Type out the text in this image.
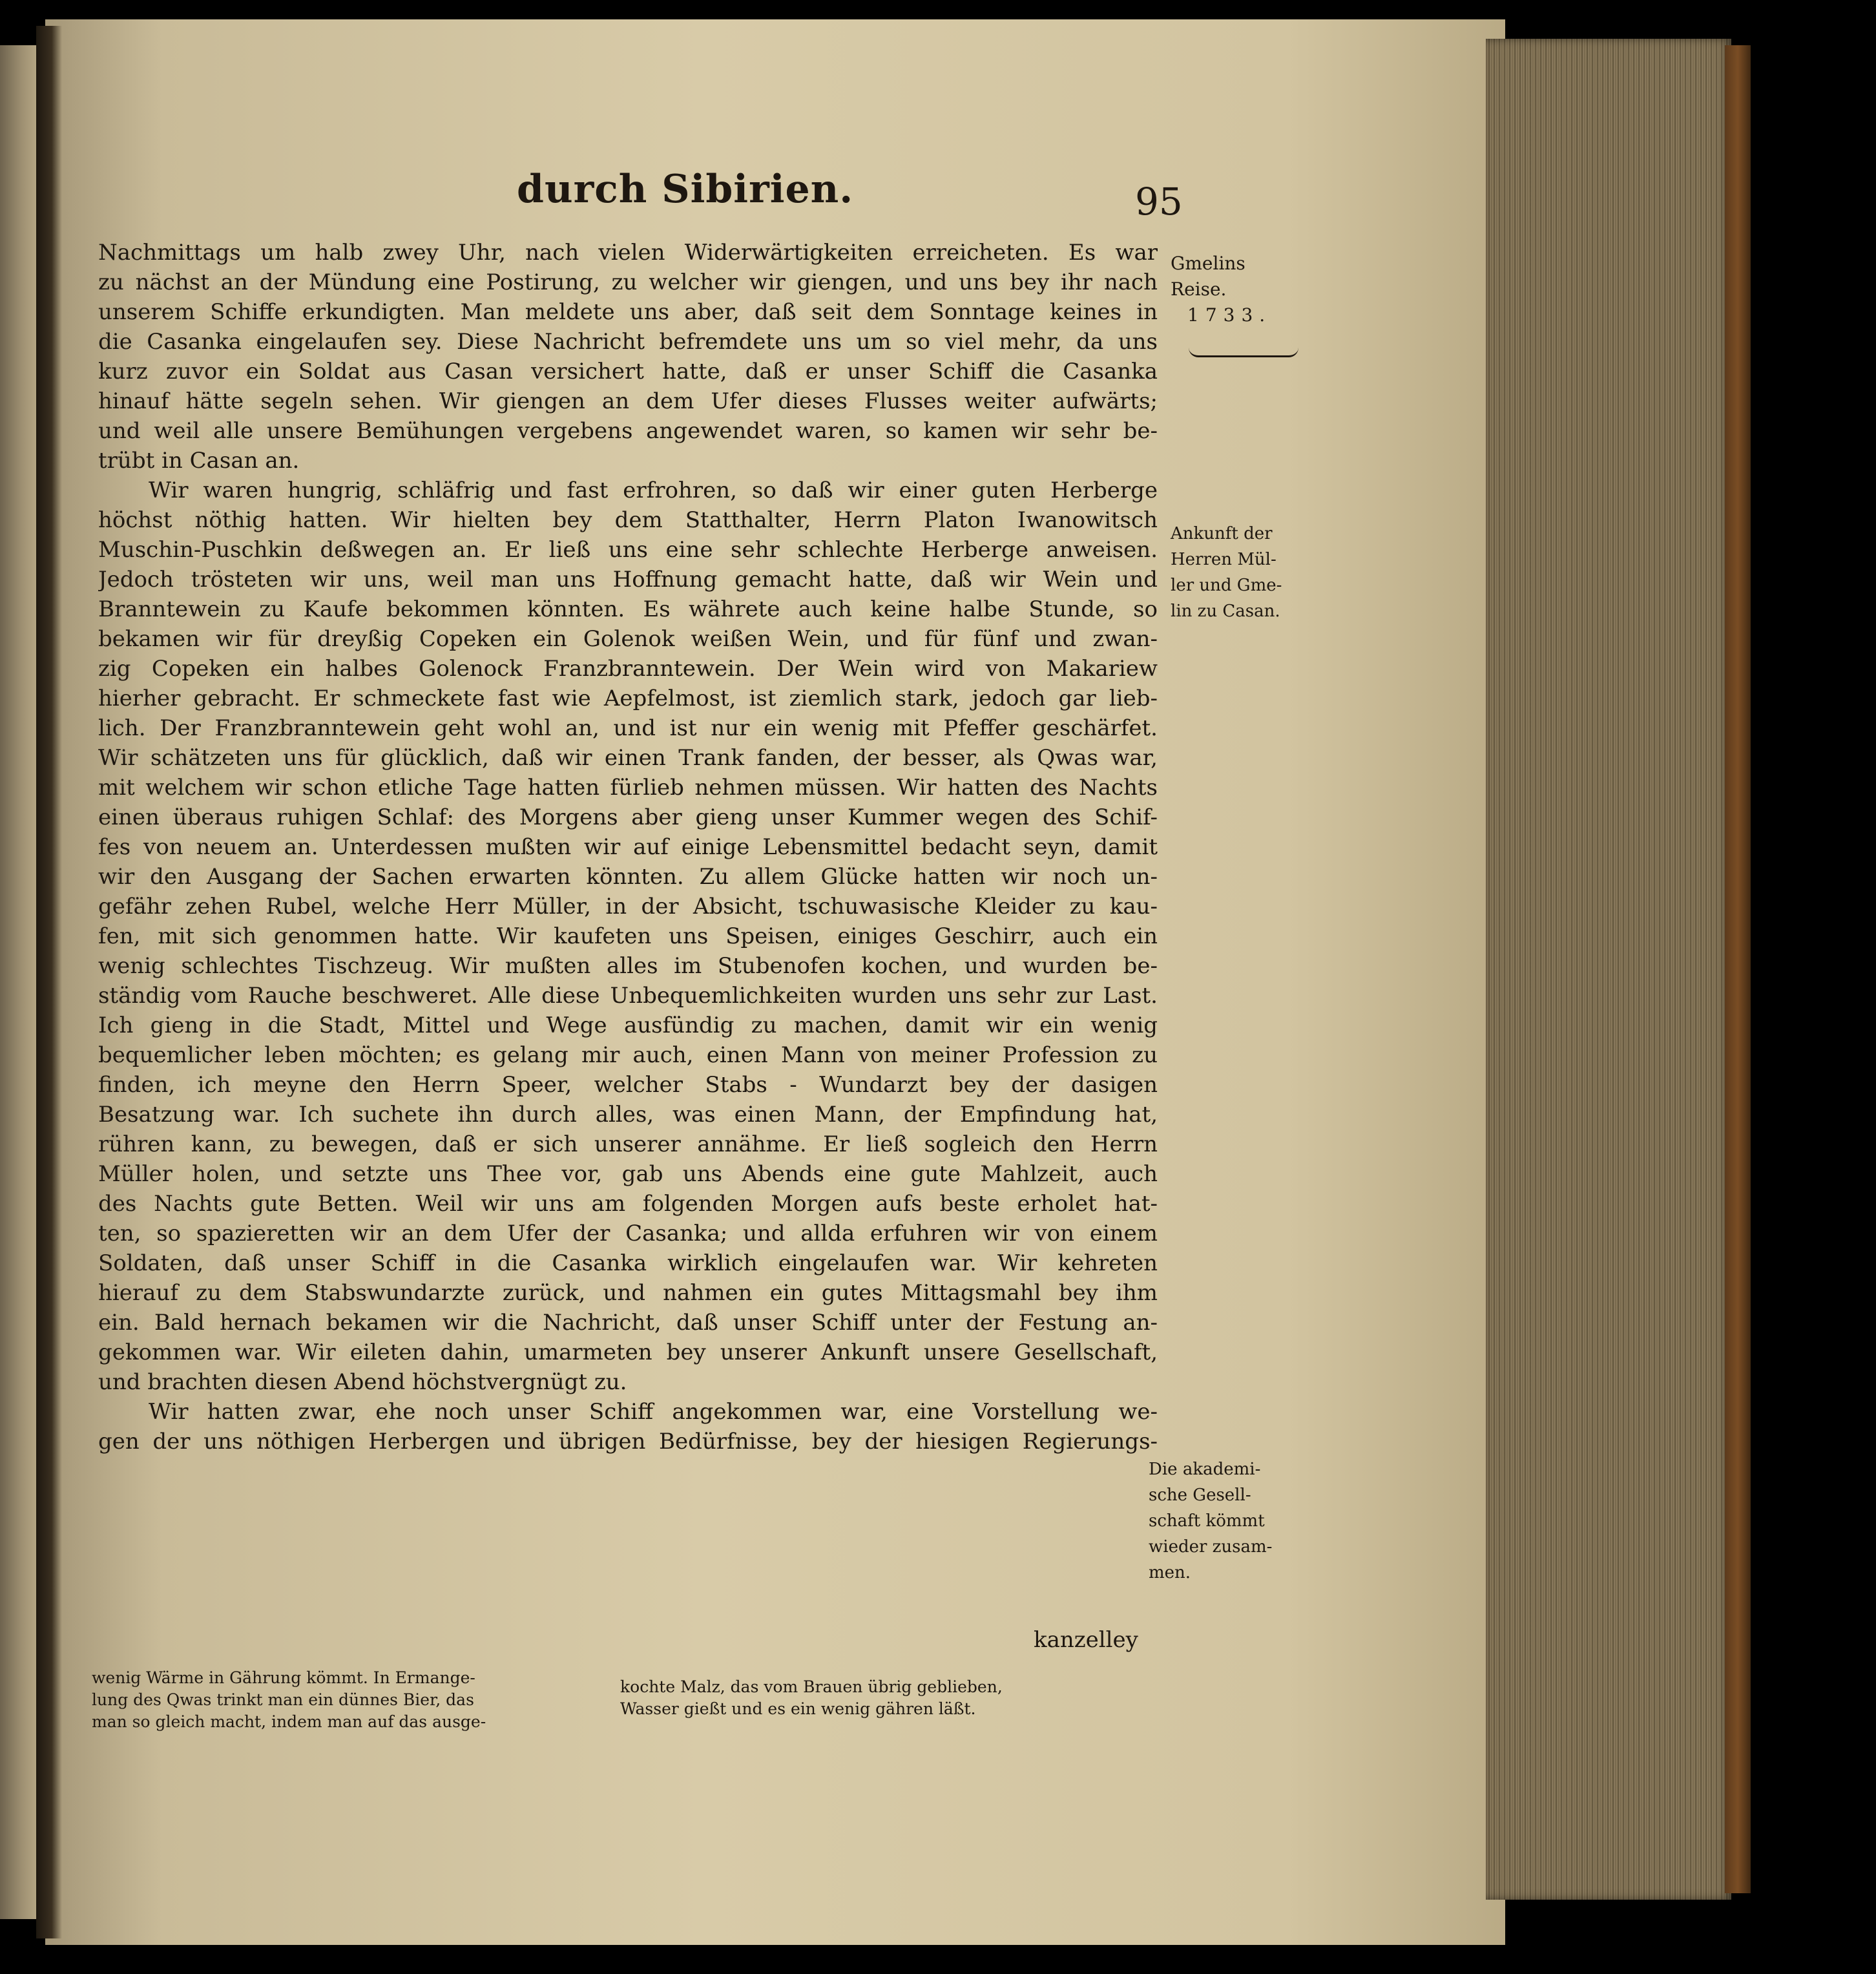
durch Sibirien.	95
Nachmittags um halb zwey Uhr, nach vielen Widerwärtigkeiten erreicheten. Es war
zu nächst an der Mündung eine Postirung, zu welcher wir giengen, und uns bey ihr nach
unserem Schiffe erkundigten. Man meldete uns aber, daß seit dem Sonntage keines in
die Casanka eingelaufen sey. Diese Nachricht befremdete uns um so viel mehr, da uns
kurz zuvor ein Soldat aus Casan versichert hatte, daß er unser Schiff die Casanka
hinauf hätte segeln sehen. Wir giengen an dem Ufer dieses Flusses weiter aufwärts;
und weil alle unsere Bemühungen vergebens angewendet waren, so kamen wir sehr be-
trübt in Casan an.
Wir waren hungrig, schläfrig und fast erfrohren, so daß wir einer guten Herberge
höchst nöthig hatten. Wir hielten bey dem Statthalter, Herrn Platon Iwanowitsch
Muschin-Puschkin deßwegen an. Er ließ uns eine sehr schlechte Herberge anweisen.
Jedoch trösteten wir uns, weil man uns Hoffnung gemacht hatte, daß wir Wein und
Branntewein zu Kaufe bekommen könnten. Es währete auch keine halbe Stunde, so
bekamen wir für dreyßig Copeken ein Golenok weißen Wein, und für fünf und zwan-
zig Copeken ein halbes Golenock Franzbranntewein. Der Wein wird von Makariew
hierher gebracht. Er schmeckete fast wie Aepfelmost, ist ziemlich stark, jedoch gar lieb-
lich. Der Franzbranntewein geht wohl an, und ist nur ein wenig mit Pfeffer geschärfet.
Wir schätzeten uns für glücklich, daß wir einen Trank fanden, der besser, als Qwas war,
mit welchem wir schon etliche Tage hatten fürlieb nehmen müssen. Wir hatten des Nachts
einen überaus ruhigen Schlaf: des Morgens aber gieng unser Kummer wegen des Schif-
fes von neuem an. Unterdessen mußten wir auf einige Lebensmittel bedacht seyn, damit
wir den Ausgang der Sachen erwarten könnten. Zu allem Glücke hatten wir noch un-
gefähr zehen Rubel, welche Herr Müller, in der Absicht, tschuwasische Kleider zu kau-
fen, mit sich genommen hatte. Wir kaufeten uns Speisen, einiges Geschirr, auch ein
wenig schlechtes Tischzeug. Wir mußten alles im Stubenofen kochen, und wurden be-
ständig vom Rauche beschweret. Alle diese Unbequemlichkeiten wurden uns sehr zur Last.
Ich gieng in die Stadt, Mittel und Wege ausfündig zu machen, damit wir ein wenig
bequemlicher leben möchten; es gelang mir auch, einen Mann von meiner Profession zu
finden, ich meyne den Herrn Speer, welcher Stabs - Wundarzt bey der dasigen
Besatzung war. Ich suchete ihn durch alles, was einen Mann, der Empfindung hat,
rühren kann, zu bewegen, daß er sich unserer annähme. Er ließ sogleich den Herrn
Müller holen, und setzte uns Thee vor, gab uns Abends eine gute Mahlzeit, auch
des Nachts gute Betten. Weil wir uns am folgenden Morgen aufs beste erholet hat-
ten, so spazieretten wir an dem Ufer der Casanka; und allda erfuhren wir von einem
Soldaten, daß unser Schiff in die Casanka wirklich eingelaufen war. Wir kehreten
hierauf zu dem Stabswundarzte zurück, und nahmen ein gutes Mittagsmahl bey ihm
ein. Bald hernach bekamen wir die Nachricht, daß unser Schiff unter der Festung an-
gekommen war. Wir eileten dahin, umarmeten bey unserer Ankunft unsere Gesellschaft,
und brachten diesen Abend höchstvergnügt zu.
Wir hatten zwar, ehe noch unser Schiff angekommen war, eine Vorstellung we-
gen der uns nöthigen Herbergen und übrigen Bedürfnisse, bey der hiesigen Regierungs-
kanzelley
Gmelins
Reise.
1733.
Ankunft der
Herren Mül-
ler und Gme-
lin zu Casan.
Die akademi-
sche Gesell-
schaft kömmt
wieder zusam-
men.
wenig Wärme in Gährung kömmt. In Ermange-
lung des Qwas trinkt man ein dünnes Bier, das
man so gleich macht, indem man auf das ausge-
kochte Malz, das vom Brauen übrig geblieben,
Wasser gießt und es ein wenig gähren läßt.
